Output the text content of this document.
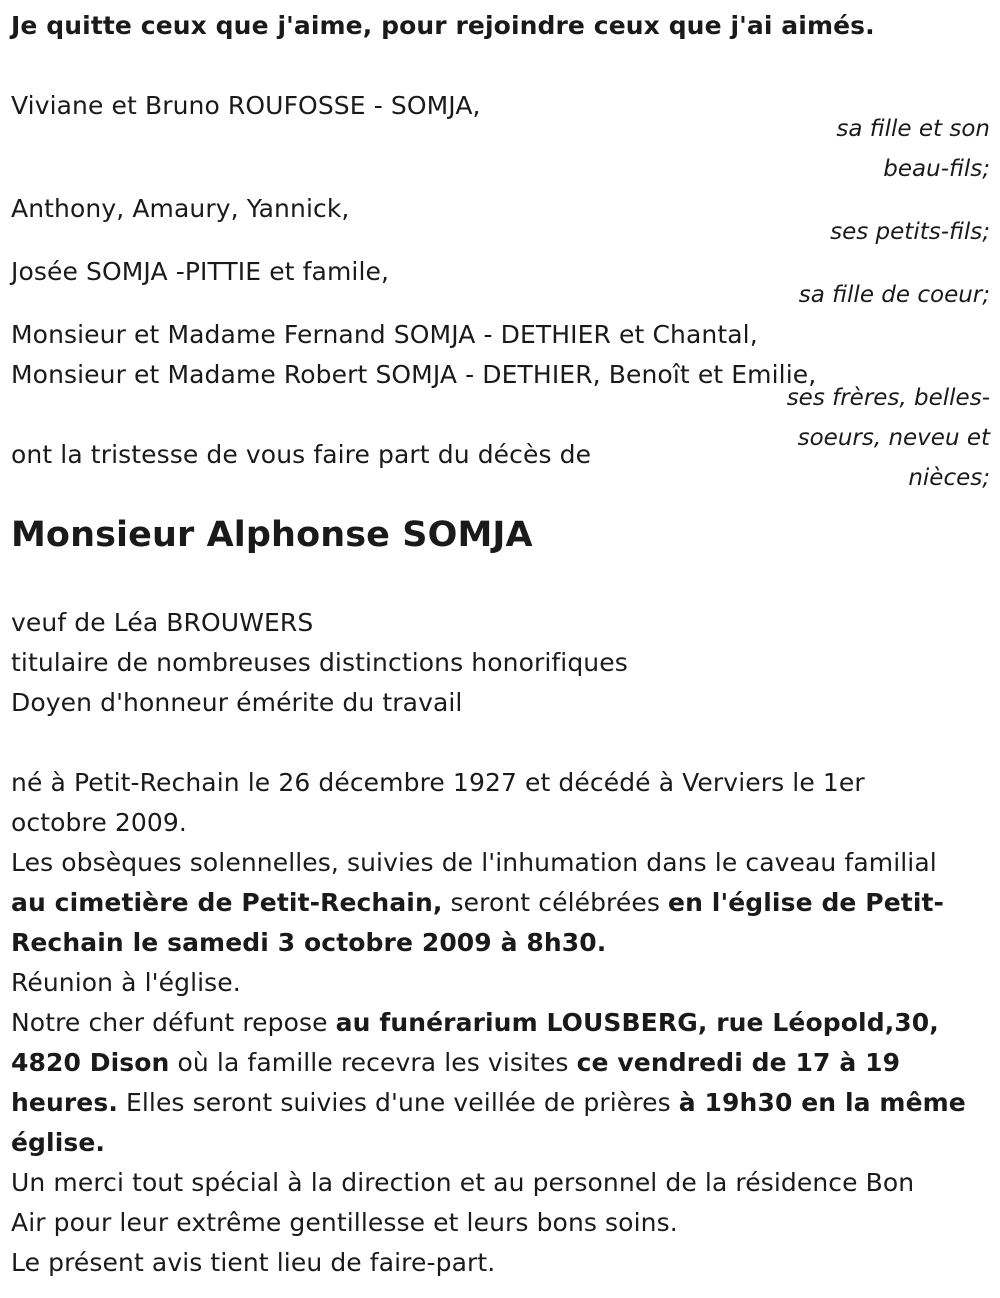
Je quitte ceux que j'aime, pour rejoindre ceux que j'ai aimés.
Viviane et Bruno ROUFOSSE - SOMJA,
sa fille et son
beau-fils;
Anthony, Amaury, Yannick,
ses petits-fils;
Josée SOMJA -PITTIE et famile,
sa fille de coeur;
Monsieur et Madame Fernand SOMJA - DETHIER et Chantal,
Monsieur et Madame Robert SOMJA - DETHIER, Benoît et Emilie,
ses frères, belles-
soeurs, neveu et
nièces;
ont la tristesse de vous faire part du décès de
Monsieur Alphonse SOMJA
veuf de Léa BROUWERS
titulaire de nombreuses distinctions honorifiques
Doyen d'honneur émérite du travail
né à Petit-Rechain le 26 décembre 1927 et décédé à Verviers le 1er
octobre 2009.
Les obsèques solennelles, suivies de l'inhumation dans le caveau familial
au cimetière de Petit-Rechain, seront célébrées en l'église de Petit-
Rechain le samedi 3 octobre 2009 à 8h30.
Réunion à l'église.
Notre cher défunt repose au funérarium LOUSBERG, rue Léopold,30,
4820 Dison où la famille recevra les visites ce vendredi de 17 à 19
heures. Elles seront suivies d'une veillée de prières à 19h30 en la même
église.
Un merci tout spécial à la direction et au personnel de la résidence Bon
Air pour leur extrême gentillesse et leurs bons soins.
Le présent avis tient lieu de faire-part.
